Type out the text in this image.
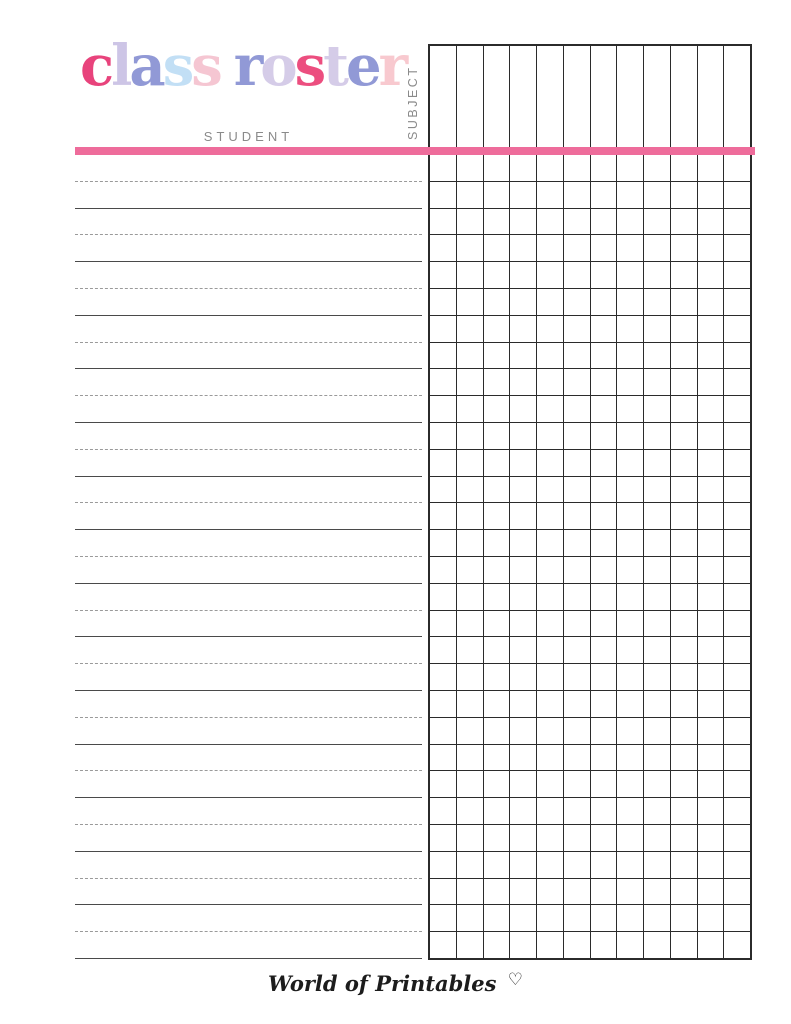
class roster
STUDENT	SUBJECT
World of Printables ♡
